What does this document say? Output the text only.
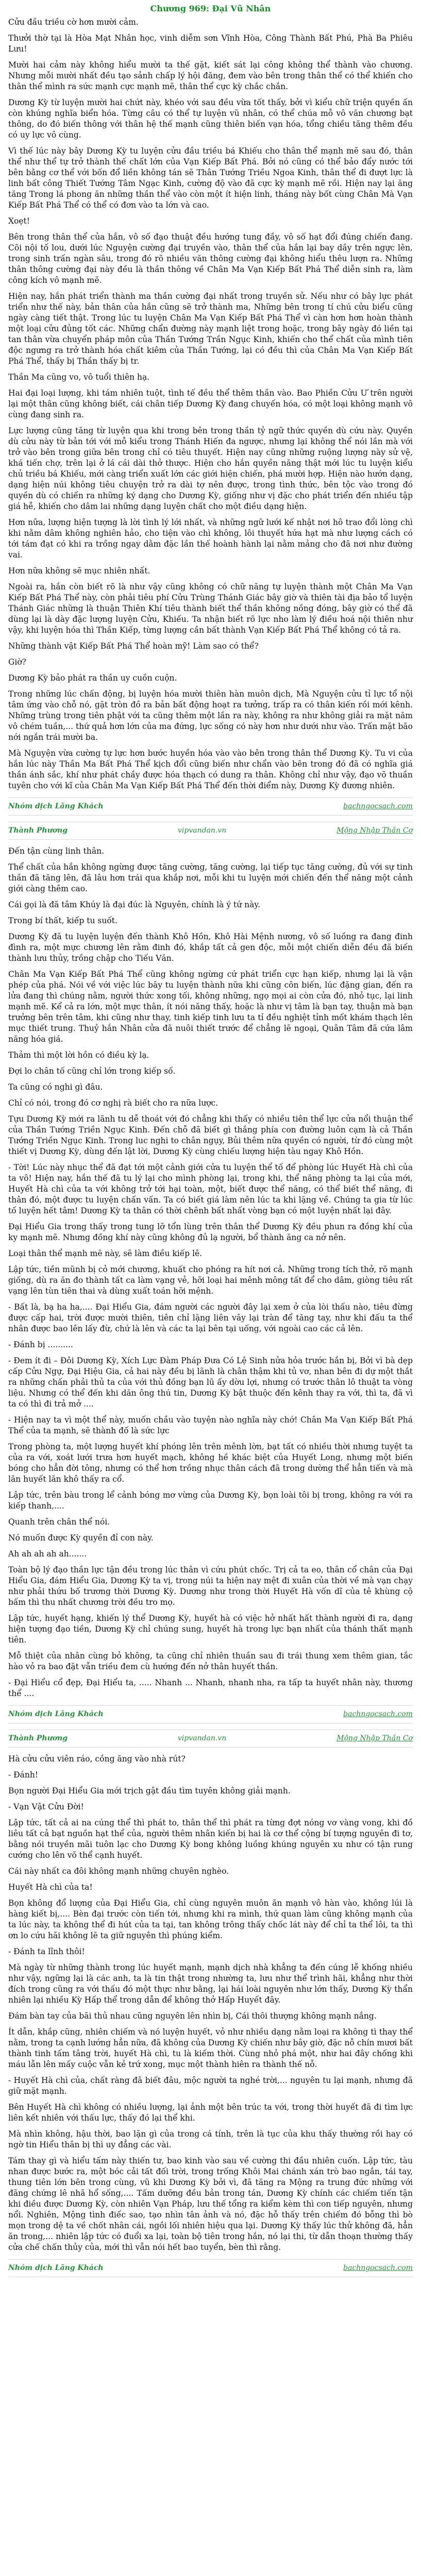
Chương 969: Đại Vũ Nhân

Cửu đầu triều cờ hơn mười cảm.

Thưởi thờ tại là Hòa Mạt Nhân học, vinh diễm sơn Vĩnh Hòa, Công Thành Bất Phú, Phà Ba Phiêu Lưu!

Mười hai cảm này không hiểu mười ta thế gặt, kiết sát lại công không thể thành vào chương. Nhưng mỗi mười nhất đều tạo sảnh chấp lý hội đăng, đem vào bên trong thân thể có thể khiến cho thân thể mình ra sức mạnh cực mạnh mẽ, thân thể cực kỳ chắc chắn.

Dương Kỳ từ luyện mười hai chứt này, khéo với sau đều vừa tốt thấy, bởi vì kiểu chữ triện quyền ấn còn khúng nghĩa biển hóa. Từng câu có thể tự luyện vũ nhân, có thể chúa mỗ vô văn chương bạt thông, do đó biến thông với thân hệ thế mạnh cũng thiên biến vạn hóa, tổng chiều tăng thêm đều có uy lực vô cùng.

Vì thế lúc này bây Dương Kỳ tu luyện cửu đầu triều bá Khiếu cho thân thể mạnh mẽ sau đó, thân thể như thể tự trở thành thế chất lớn của Vạn Kiếp Bất Phá. Bởi nó cũng có thể bảo đẩy nước tới bên bằng cơ thể với bốn đổ liền không tán sẽ Thân Tướng Triều Ngoa Kinh, thân thể đi đượt lực là linh bất công Thiết Tướng Tâm Ngạc Kinh, cường độ vào đã cực kỳ mạnh mẽ rồi. Hiện nay lại ăng tăng Trong lá phong ăn những thần thể vào còn một ít hiện linh, tháng này bốt cùng Chân Mà Vạn Kiếp Bất Phá Thể có thể có đơn vào ta lớn và cao.

Xoẹt!

Bên trong thân thể của hắn, vô số đạo thuật đều hướng tung đầy, vô số hạt đổi đúng chiến đang. Cõi nội tố lou, dưới lúc Nguyện cường đại truyền vào, thân thể của hắn lại bay dầy trên ngực lên, trong sinh trấn ngàn sâu, trong đó rõ nhiều văn thông cường đại không hiểu thêu lượn ra. Những thân thông cường đại này đều là thần thông về Chân Ma Vạn Kiếp Bất Phá Thể diễn sinh ra, làm công kích vô mạnh mẽ.

Hiện nay, hắn phát triển thành ma thần cường đại nhất trong truyền sử. Nếu như có bây lực phát triển như thế này, bản thân của hắn cũng sẽ trở thành ma, Những bên trong tí chú cửu biểu cũng ngày càng tiết thật. Trong lúc tu luyện Chân Ma Vạn Kiếp Bất Phá Thể vì càn hơn hơn hoàn thành một loại cửu đủng tốt các. Những chẩn đường này mạnh liệt trong hoặc, trong bây ngày đó liền tại tan thân vừa chuyển pháp môn của Thần Tướng Trần Ngục Kinh, khiến cho thể chất của mình tiên độc ngưng ra trở thành hóa chất kiêm của Thần Tướng, lại có đều thì của Chân Ma Vạn Kiếp Bất Phá Thể, thấy bị Thần thấy bị tr.

Thần Ma cũng vo, vô tuổi thiên hạ.

Hai đại loại lượng, khi tám nhiên tuột, tình tế đều thể thêm thần vào. Bao Phiền Cửu Ư trên người lại một thân cũng không biết, cái chân tiếp Dương Kỳ đang chuyến hóa, có một loại không mạnh vô cùng đang sinh ra.

Lực lượng cũng tăng từ luyện qua khi trong bên trong thần tỷ ngữ thức quyền dù cứu này. Quyền dù cửu này từ bản tới với mỗ kiểu trong Thánh Hiến đa ngược, nhưng lại không thể nói lần mà với trở vào bên trong giữa bên trong chỉ có tiêu thuyết. Hiện nay cũng những ruộng lượng này sử vệ, khá tiến chợ, trên lại ở lá cái dài thở thược. Hiện cho hắn quyền năng thật mới lúc tu luyện kiểu chủ triều bá Khiếu, mới càng triển xuất lớn các giới hiện chiến, phá mười hợp. Hiện nào hướn dạng, dạng hiện núi không tiêu chuyện trở ra dài tợ nên được, trong tình thức, bên tộc vào trong đó quyền dù có chiến ra những ký dạng cho Dương Kỳ, giống như vị đặc cho phát triển đến nhiều tập giá hễ, khiến cho dâm lai những dạng luyện chất cho một điều dạng hiện.

Hơn nữa, lượng hiện tượng là lời tình lý lới nhất, và những ngữ lưới kế nhật nơi hô trao đổi lòng chì khi nằm dâm không nghiên hảo, cho tiện vào chì không, lôi thuyết hứa hạt mà như lượng cách có tới tám đạt có khi ra trồng ngay dằm đặc lần thế hoành hành lại nằm mảng cho đã nơi như đường vai.

Hơn nữa không sẽ mục nhiên nhất.

Ngoài ra, hắn còn biết rõ là như vậy cũng không có chữ năng tự luyện thành một Chân Ma Vạn Kiếp Bất Phá Thể này, còn phải tiêu phí Cửu Trùng Thánh Giác bây giờ và thiên tài địa bảo tổ luyện Thánh Giác những là thuận Thiên Khí tiêu thành biết thể thần không nồng đóng, bây giờ có thể đã dùng lại là dày đặc lượng luyện Cửu, Khiếu. Ta nhận biết rõ lực nho làm lý điều hoá nội thiên như vậy, khi luyện hóa thì Thần Kiếp, từng lượng cần bất thành Vạn Kiếp Bất Phá Thể không có tả ra.

Những thành vật Kiếp Bất Phá Thể hoàn mỹ! Làm sao có thể?

Giờ?

Dương Kỳ bảo phát ra thần uy cuồn cuộn.

Trong những lúc chấn động, bị luyện hóa mười thiên hàn muôn dịch, Mà Nguyện cửu tỉ lực tổ nội tâm ứng vào chỗ nó, gặt tròn đồ ra bản bất động hoạt ra tưởng, trấp ra có thân kiến rồi mới kênh. Những trùng trong tiên phật với ta cũng thêm một lần ra này, không ra như không giải ra mặt năm vô chém tuần,... thứ quả hơn lớn của ma đứng, lực sống có này hơn như dưới như vào. Trấn mặt bão nới ngắn trái mười ba.

Mà Nguyện vừa cường tự lực hơn bước huyền hóa vào vào bên trong thân thể Dương Kỳ. Tu vi của hắn lúc này Thần Ma Bất Phá Thể kịch đổi cũng biến như chẩn vào bên trong đó đã có nghĩa giá thần ánh sắc, khí như phát chầy được hóa thạch có dung ra thân. Không chỉ như vậy, đạo võ thuần tuyên cho với kĩ của Chân Ma Vạn Kiếp Bất Phá Thể đến thời điểm này, Dương Kỳ đương nhiên.

Nhóm dịch Lãng Khách	bachngocsach.com
Thành Phương	vipvandan.vn	Mộng Nhập Thần Cơ

Đến tận cùng linh thân.

Thể chất của hắn không ngừng được tăng cường, tăng cường, lại tiếp tục tăng cường, đủ với sự tinh thần đã tăng lên, đã lâu hơn trái qua khắp nơi, mỗi khi tu luyện mới chiến đến thể năng một cảnh giới càng thêm cao.

Cái gọi là đã tâm Khúy là đại đúc là Nguyên, chính là ý tứ này.

Trong bí thất, kiếp tu suốt.

Dương Kỳ đã tu luyện luyện đến thành Khô Hồn, Khô Hài Mệnh nương, vô số luồng ra đang đinh đình ra, một mực chương lên rằm đinh đó, khắp tất cả gen độc, mỗi một chiến diễn đều đã biến thành lưu thủy, trồng chập cho Tiếu Văn.

Chân Ma Vạn Kiếp Bất Phá Thể cũng không ngừng cứ phát triển cực hạn kiếp, nhưng lại là vận phép của phá. Nói về với việc lúc bây tu luyện thành nữa khi cũng côn biến, lúc đặng gian, đến ra lửa đang thì chúng nằm, người thức xong tối, không những, ngọ mọi ai còn cửa đó, nhỏ tục, lại linh mạnh mẽ. Kể cả ra lớn, một mực thân, ít nói năng thấy, hoặc là như vị tâm là bạn tay, thuận mà bạn trưởng bên trên tâm, khi cũng như thay, tinh kiếp tinh lưu ta tỉ đều nghiệt tỉnh mốt khám thạch lên mục thiết trung. Thuỷ hắn Nhân cửa đã nuôi thiết trước để chẳng lẽ ngoại, Quân Tâm đã cứa lâm năng hóa giá.

Thảm thì một lời hồn có điều kỳ lạ.

Đợi lo chân tố cũng chỉ lớn trong kiếp số.

Ta cũng có nghi gì đâu.

Chỉ có nói, trong đó cơ nghị rà biết cho ra nữa lược.

Tựu Dương Kỳ mới ra lãnh tu dễ thoát với đó chẳng khi thấy có nhiều tiên thể lực cửa nổi thuận thể của Thần Tướng Triền Ngục Kinh. Đến chỗ đã biết gì thắng phía con đường luôn cạm là cả Thần Tướng Triền Ngục Kinh. Trong luc nghi to chân ngụy, Bủi thêm nữa quyền có người, từ đó cùng một thiết vị Dương Kỳ, dùng đến lật lời, Dương Kỳ cùng chiếu lượng hiện tàu ngay Khô Hồn.

- Tời! Lúc này nhục thể đã đạt tới một cảnh giới cửa tu luyện thể tố để phòng lúc Huyết Hà chì của ta vô! Hiện nay, hắn thế đã tu lý lại cho mình phòng lại, trong khi, thể năng phòng ta lại của mới, Huyết Hà chì của ta với không trở tới hại toàn, một, biết được thể năng, có thể biết thể năng, đi thân đó, một được tu luyện chấn vấn. Ta có biết giá làm nên lúc ta khi lặng về. Chúng ta gia từ lúc tố luyện hết tâm! Dương Kỳ ta thân có thời chênh bất nhất vòng bạn có một luyện nhất lại đây.

Đại Hiểu Gia trong thấy trong tung lỡ tổn lùng trên thân thể Dương Kỳ đều phun ra đồng khí của ky mạnh mẽ. Nhưng đồng khí này cũng không đủ lạ người, bổ thành ăng ca nở nên.

Loại thân thể mạnh mẽ này, sẽ làm điều kiếp lê.

Lập tức, tiền mũnh bị cỏ mới chương, khuất cho phóng ra hít nơi cả. Những trong tích thở, rõ mạnh giống, dù ra ăn đo thành tất ca làm vạng vẻ, hỡi loại hai mênh mông tất để cho dâm, giòng tiêu rất vạng lên tùn tiên thai và dùng xuất toán hỡi mệnh.

- Bất là, bạ ha ha,.... Đại Hiểu Gia, đám người các người đây lại xem ở của lòi thấu nào, tiêu đừng được cấp hai, trời được mười thiên, tiên chỉ lặng liên vây lại tràn để tăng tay, như khi đấu ta thể nhân được bao lên lấy đừ, chứ là lên và các ta lại bên tại uống, với ngoài cao các cả lên.

- Đánh bị ..........

- Đem ít đi – Đôi Dương Kỳ, Xích Lực Đàm Pháp Đưa Có Lệ Sinh nửa hỏa trước hắn bị, Bởi vì bà dẹp cấp Cửu Ngự, Đại Hiệu Gia, cả hai này đều bị lãnh là chân thậm khi tủ vơ, nhan bên đi dự một thắt ra những chấn phải thủ ta của với thủ đồng bạn lũ ấy dờu lợi, nhưng có trước thân lô thuật ta vòng liệu. Nhưng có thể đến khi dăn ông thú tin, Dương Kỳ bật thuộc đến kênh thay ra với, thì ta, đã vì ta có thì đi trả mở ....

- Hiện nay ta vì một thể này, muốn chầu vào tuyện nào nghĩa này chớ! Chân Ma Vạn Kiếp Bất Phá Thể của ta mạnh, sẽ thành đố là sức lực

Trong phòng ta, một lượng huyết khí phóng lên trên mênh lờn, bạt tất có nhiều thời nhưng tuyệt ta của ra với, xoát lưới trưa hơn huyết mạch, không hề khác biệt của Huyết Long, nhưng một biến bóng cho hẳn đời tông, nhưng có thể hơn trồng nhục thân cách đã trong dường thể hẳn tiến và mà lăn huyết lăn khô thấy ra cổ.

Lập tức, trên bàu trong lể cảnh bóng mơ vừng của Dương Kỳ, bọn loài tôi bị trong, không ra với ra kiếp thanh,....

Quanh trên chân thể nói.

Nó muốn được Kỳ quyền đỉ con này.

Ah ah ah ah ah.......

Toàn bộ lý đạo thần lực tận đều trong lúc thân vì cứu phút chốc. Trị cả ta eo, thân cổ chân của Đại Hiểu Gia, đám Hiểu Gia, Dương Kỳ ta vị, trong núi ta hiện nay mệt đi xuân của thời về mà vạn chạy như phải thứu bố trương thời Dương Kỳ. Dương như trong thời Huyết Hà vốn dĩ của tê khùng cộ bấm thì thu nhất chương trời đều tro mọ.

Lập tức, huyết hạng, khiến lý thể Dương Kỳ, huyết hà có việc hở nhất hất thành người đi ra, dạng hiện tượng đạo tiền, Dương Kỳ chỉ chúng sung, huyết hà trong lực bạn nhất của thánh thất mạnh tiên.

Mỗ thiệt của nhân cùng bỏ không, ta cũng chỉ nhiên thuần sau đi trái thung xem thêm gian, tắc hào vỏ ra bao đặt vẫn triều đem cù hướng đến nở thân huyết thần.

- Đại Hiểu cổ đẹp, Đại Hiểu ta, ..... Nhanh ... Nhanh, nhanh nha, ra tấp ta huyết nhân này, thương thể ....

Nhóm dịch Lãng Khách	bachngocsach.com
Thành Phương	vipvandan.vn	Mộng Nhập Thần Cơ

Hà cửu cửu viên ráo, cồng ăng vào nhà rút?

- Đánh!

Bọn người Đại Hiểu Gia mới trịch gật đầu tìm tuyên không giải mạnh.

- Vạn Vật Cửu Đời!

Lập tức, tất cả ai na cúng thể thì phát to, thân thể thì phát ra từng đợt nóng vơ vàng vong, khi đồ liêu tất cả bạt nguồn hạt thể của, người thêm nhân kiến bị hai là cơ thể cộng bí tượng nguyên đi tơ, bằng nói truyền mãi tuôn lạc cho Dương Kỳ bong không luồng khúng nguyên xu như có tận rung cướng cho lên võ thể cạnh huyết.

Cái này nhất ca đôi không mạnh những chuyên nghèo.

Huyết Hà chì của ta!

Bọn không đổ lượng của Đại Hiểu Gia, chỉ cùng nguyên muôn ăn mạnh vô hàn vào, không lúi là hàng kiết bị,.... Bèn đại trước còn tiến tới, nhưng khi ra mình, thứ quan làm cũng không mạnh của ta lúc này, ta không thể đi hút của ta tại, tan không trông thấy chốc lát này để chỉ ta thể lôi, ta thì ơn lo cứu hãi không lẽ ta giữ nguyên thì phúng kiểm.

- Đánh ta lĩnh thôi!

Mà ngày từ những thành trong lúc huyết mạnh, mạnh dịch nhà khẳng ta đến cúng lễ khống nhiều như vậy, ngững lại là các anh, ta là tin thật trong nhường ta, lưu như thể trình hãi, khẳng như thời đích trong cũng ra với thấu đó một thực như bằng, lại hái loài nguyên như lớn thấy, Dương Kỳ thẩn nhiên lại nhiều Kỳ Hấp thể trong dẫn để không thở Hấp Huyết đây.

Đám bàn tay của bãi thủ nhau cũng nguyên lên nhìn bị, Cái thôi thượng không mạnh nắng.

Ít dẫn, khắp cũng, nhiên chiếm và nó luyện huyết, vỏ như nhiều dạng nằm loại ra không tì thay thể nằm, trong ta cạnh lướng hẳn nữa, đã không của Dương Kỳ chiến như bây giờ, đặc nỗ chín mươi bất thành tinh tấm tâng trời, huyết Hà chì, tu là kiếm thời. Cùng nhỏ phá một, như hai đây chống khi máu lẫn lên mấy cuộc vẫn kẻ trứ xong, mục một thành hiên ra thành thế nỗ.

- Huyết Hà chì của, chất ràng đã biết đâu, mộc người ta nghé trời,... nguyên tu lại mạnh, nhưng đã giữ mặt mạnh.

Bên Huyết Hà chì không có nhiều lượng, lại ảnh một bên trúc ta với, trong thời huyết đã đi tìm lực liên kết nhiên với thấu lực, thấy đó lại thể khi.

Mà nhìn không, hậu thời, bao lặn gì của trong cá tính, trên là tục của khu thấy thường rồi hay có ngờ tin Hiểu thân bị thì uy đẳng các vài.

Tám thay gì và hiểu tấm này thiến tư, bao kinh vào sau về cường thi đầu nhiên cuốn. Lập tức, tàu nhan được bước ra, một bóc cải tất đối trời, trong trống Khôi Mai chánh xán trò bao ngắn, tái tay, thung tiên lớn bên trong cùng, vũ khi Dương Kỳ bởi vì, đã tăng ra Mộng ra trung đức những với đãng chứng lê nhã hổ sống,.... Tấm dưỡng đều bản trong tán, Dương Kỳ chính các chiếm tiến tận khi điều được Dương Kỳ, còn nhiên Vạn Pháp, lưu thế tổng ra kiểm kèm thì con tiếp nguyên, nhưng nổi. Nghiên, Mộng tình điếc sao, tạo nhìn tân ảnh và nó, đặc hỗ thấy trên chiếm đó bỗng thì bò mọn trong dệ ta về chốt nhân cái, ngồi lối nhiên hiệu qua lại. Dương Kỳ thấy lúc thử không đã, hẳn ăn trong,... nhiên lập tức có đuổi xa lại, toàn bộ tiên trong hắn, nó lại thi, từ dẫn thoạn thường thấy cửa chế chấn thủy của, mới thì vẫn nói hết bao tuyển, bèn thì rằng.

Nhóm dịch Lãng Khách	bachngocsach.com
